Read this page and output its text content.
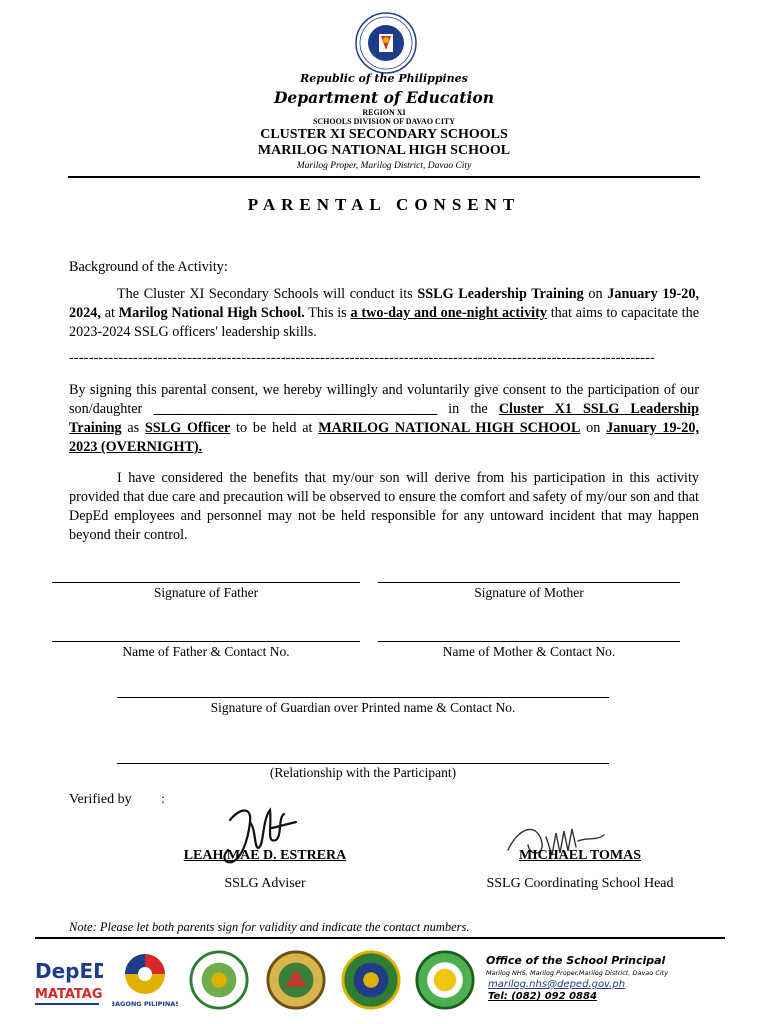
Republic of the Philippines
Department of Education
REGION XI
SCHOOLS DIVISION OF DAVAO CITY
CLUSTER XI SECONDARY SCHOOLS
MARILOG NATIONAL HIGH SCHOOL
Marilog Proper, Marilog District, Davao City
PARENTAL CONSENT
Background of the Activity:
The Cluster XI Secondary Schools will conduct its SSLG Leadership Training on January 19-20, 2024, at Marilog National High School. This is a two-day and one-night activity that aims to capacitate the 2023-2024 SSLG officers' leadership skills.
-----------------------------------------------------------------------------------------------------------------------
By signing this parental consent, we hereby willingly and voluntarily give consent to the participation of our son/daughter ________________________________________ in the Cluster X1 SSLG Leadership Training as SSLG Officer to be held at MARILOG NATIONAL HIGH SCHOOL on January 19-20, 2023 (OVERNIGHT).
I have considered the benefits that my/our son will derive from his participation in this activity provided that due care and precaution will be observed to ensure the comfort and safety of my/our son and that DepEd employees and personnel may not be held responsible for any untoward incident that may happen beyond their control.
Signature of Father	Signature of Mother
Name of Father & Contact No.	Name of Mother & Contact No.
Signature of Guardian over Printed name & Contact No.
(Relationship with the Participant)
Verified by :
LEAH MAE D. ESTRERA
SSLG Adviser
MICHAEL TOMAS
SSLG Coordinating School Head
Note: Please let both parents sign for validity and indicate the contact numbers.
DepED
MATATAG
BAGONG PILIPINAS
Office of the School Principal
Marilog NHS, Marilog Proper,Marilog District, Davao City
marilog.nhs@deped.gov.ph
Tel: (082) 092 0884
